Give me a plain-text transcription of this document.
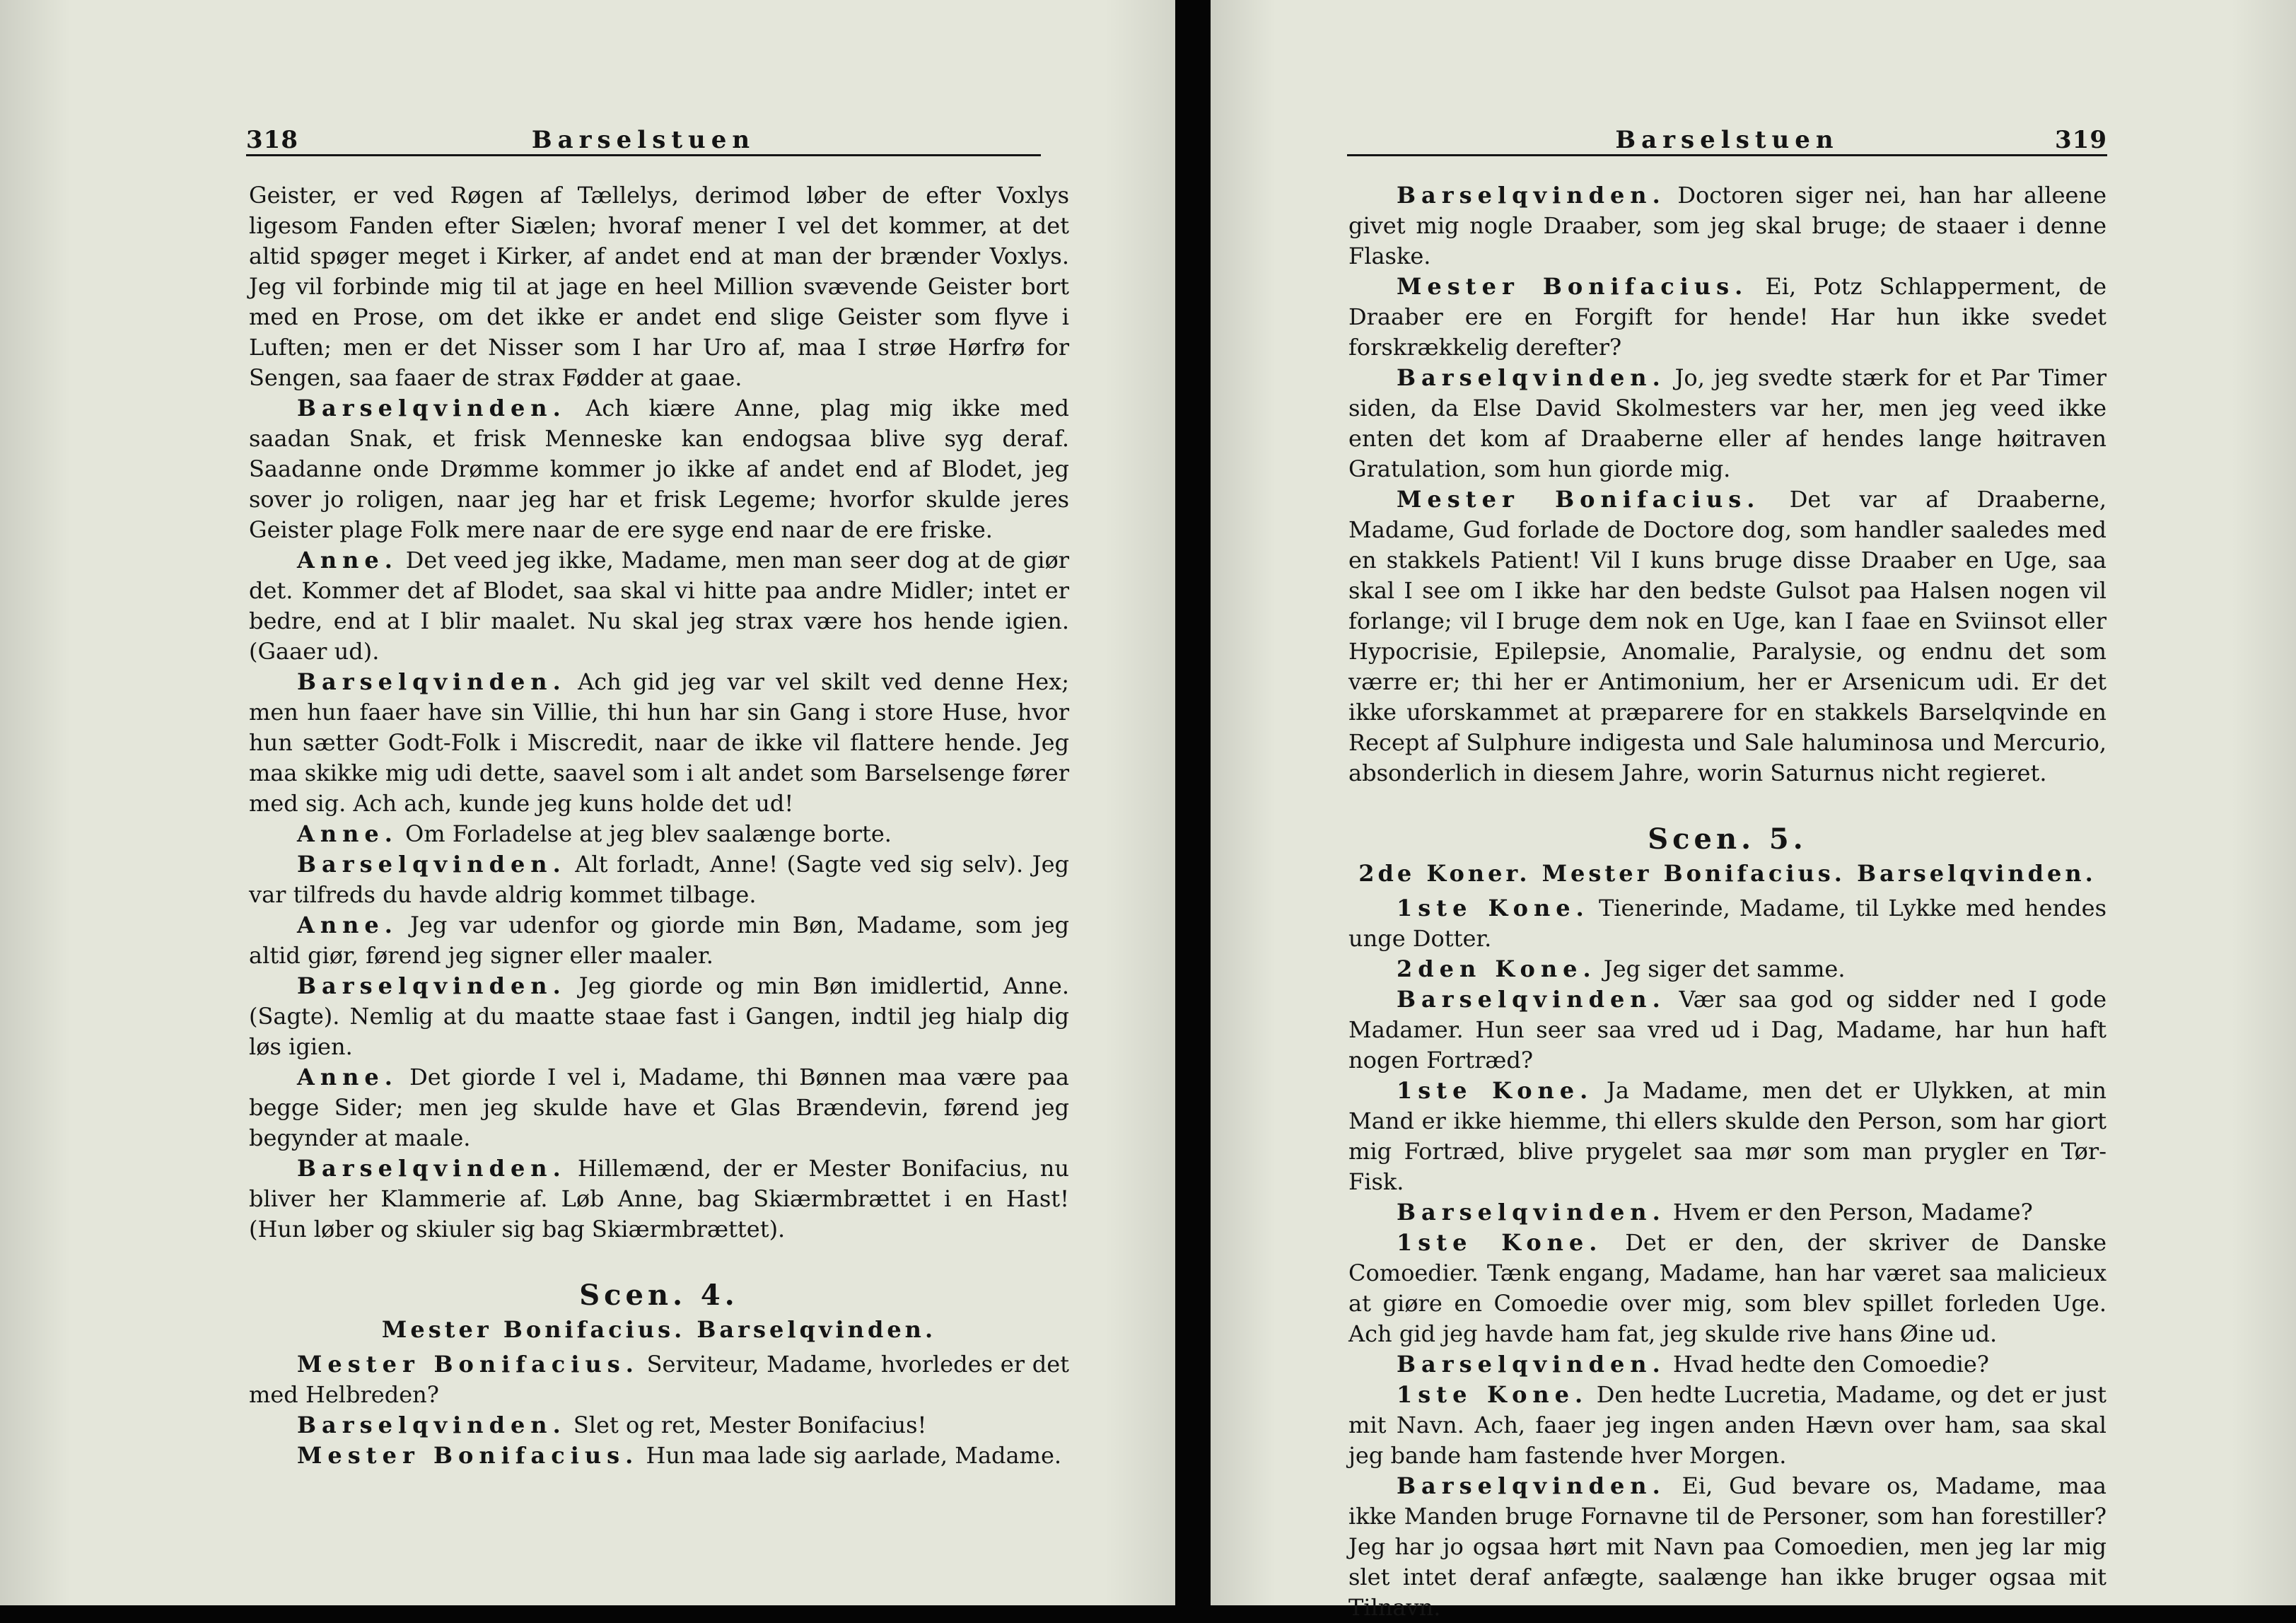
318	Barselstuen

Geister, er ved Røgen af Tællelys, derimod løber de efter Voxlys ligesom Fanden efter Siælen; hvoraf mener I vel det kommer, at det altid spøger meget i Kirker, af andet end at man der brænder Voxlys. Jeg vil forbinde mig til at jage en heel Million svævende Geister bort med en Prose, om det ikke er andet end slige Geister som flyve i Luften; men er det Nisser som I har Uro af, maa I strøe Hørfrø for Sengen, saa faaer de strax Fødder at gaae.

Barselqvinden. Ach kiære Anne, plag mig ikke med saadan Snak, et frisk Menneske kan endogsaa blive syg deraf. Saadanne onde Drømme kommer jo ikke af andet end af Blodet, jeg sover jo roligen, naar jeg har et frisk Legeme; hvorfor skulde jeres Geister plage Folk mere naar de ere syge end naar de ere friske.

Anne. Det veed jeg ikke, Madame, men man seer dog at de giør det. Kommer det af Blodet, saa skal vi hitte paa andre Midler; intet er bedre, end at I blir maalet. Nu skal jeg strax være hos hende igien. (Gaaer ud).

Barselqvinden. Ach gid jeg var vel skilt ved denne Hex; men hun faaer have sin Villie, thi hun har sin Gang i store Huse, hvor hun sætter Godt-Folk i Miscredit, naar de ikke vil flattere hende. Jeg maa skikke mig udi dette, saavel som i alt andet som Barselsenge fører med sig. Ach ach, kunde jeg kuns holde det ud!

Anne. Om Forladelse at jeg blev saalænge borte.

Barselqvinden. Alt forladt, Anne! (Sagte ved sig selv). Jeg var tilfreds du havde aldrig kommet tilbage.

Anne. Jeg var udenfor og giorde min Bøn, Madame, som jeg altid giør, førend jeg signer eller maaler.

Barselqvinden. Jeg giorde og min Bøn imidlertid, Anne. (Sagte). Nemlig at du maatte staae fast i Gangen, indtil jeg hialp dig løs igien.

Anne. Det giorde I vel i, Madame, thi Bønnen maa være paa begge Sider; men jeg skulde have et Glas Brændevin, førend jeg begynder at maale.

Barselqvinden. Hillemænd, der er Mester Bonifacius, nu bliver her Klammerie af. Løb Anne, bag Skiærmbrættet i en Hast! (Hun løber og skiuler sig bag Skiærmbrættet).

Scen. 4.

Mester Bonifacius. Barselqvinden.

Mester Bonifacius. Serviteur, Madame, hvorledes er det med Helbreden?

Barselqvinden. Slet og ret, Mester Bonifacius!

Mester Bonifacius. Hun maa lade sig aarlade, Madame.

Barselstuen	319

Barselqvinden. Doctoren siger nei, han har alleene givet mig nogle Draaber, som jeg skal bruge; de staaer i denne Flaske.

Mester Bonifacius. Ei, Potz Schlapperment, de Draaber ere en Forgift for hende! Har hun ikke svedet forskrækkelig derefter?

Barselqvinden. Jo, jeg svedte stærk for et Par Timer siden, da Else David Skolmesters var her, men jeg veed ikke enten det kom af Draaberne eller af hendes lange høitraven Gratulation, som hun giorde mig.

Mester Bonifacius. Det var af Draaberne, Madame, Gud forlade de Doctore dog, som handler saaledes med en stakkels Patient! Vil I kuns bruge disse Draaber en Uge, saa skal I see om I ikke har den bedste Gulsot paa Halsen nogen vil forlange; vil I bruge dem nok en Uge, kan I faae en Sviinsot eller Hypocrisie, Epilepsie, Anomalie, Paralysie, og endnu det som værre er; thi her er Antimonium, her er Arsenicum udi. Er det ikke uforskammet at præparere for en stakkels Barselqvinde en Recept af Sulphure indigesta und Sale haluminosa und Mercurio, absonderlich in diesem Jahre, worin Saturnus nicht regieret.

Scen. 5.

2de Koner. Mester Bonifacius. Barselqvinden.

1ste Kone. Tienerinde, Madame, til Lykke med hendes unge Dotter.

2den Kone. Jeg siger det samme.

Barselqvinden. Vær saa god og sidder ned I gode Madamer. Hun seer saa vred ud i Dag, Madame, har hun haft nogen Fortræd?

1ste Kone. Ja Madame, men det er Ulykken, at min Mand er ikke hiemme, thi ellers skulde den Person, som har giort mig Fortræd, blive prygelet saa mør som man prygler en Tør-Fisk.

Barselqvinden. Hvem er den Person, Madame?

1ste Kone. Det er den, der skriver de Danske Comoedier. Tænk engang, Madame, han har været saa malicieux at giøre en Comoedie over mig, som blev spillet forleden Uge. Ach gid jeg havde ham fat, jeg skulde rive hans Øine ud.

Barselqvinden. Hvad hedte den Comoedie?

1ste Kone. Den hedte Lucretia, Madame, og det er just mit Navn. Ach, faaer jeg ingen anden Hævn over ham, saa skal jeg bande ham fastende hver Morgen.

Barselqvinden. Ei, Gud bevare os, Madame, maa ikke Manden bruge Fornavne til de Personer, som han forestiller? Jeg har jo ogsaa hørt mit Navn paa Comoedien, men jeg lar mig slet intet deraf anfægte, saalænge han ikke bruger ogsaa mit Tilnavn.
